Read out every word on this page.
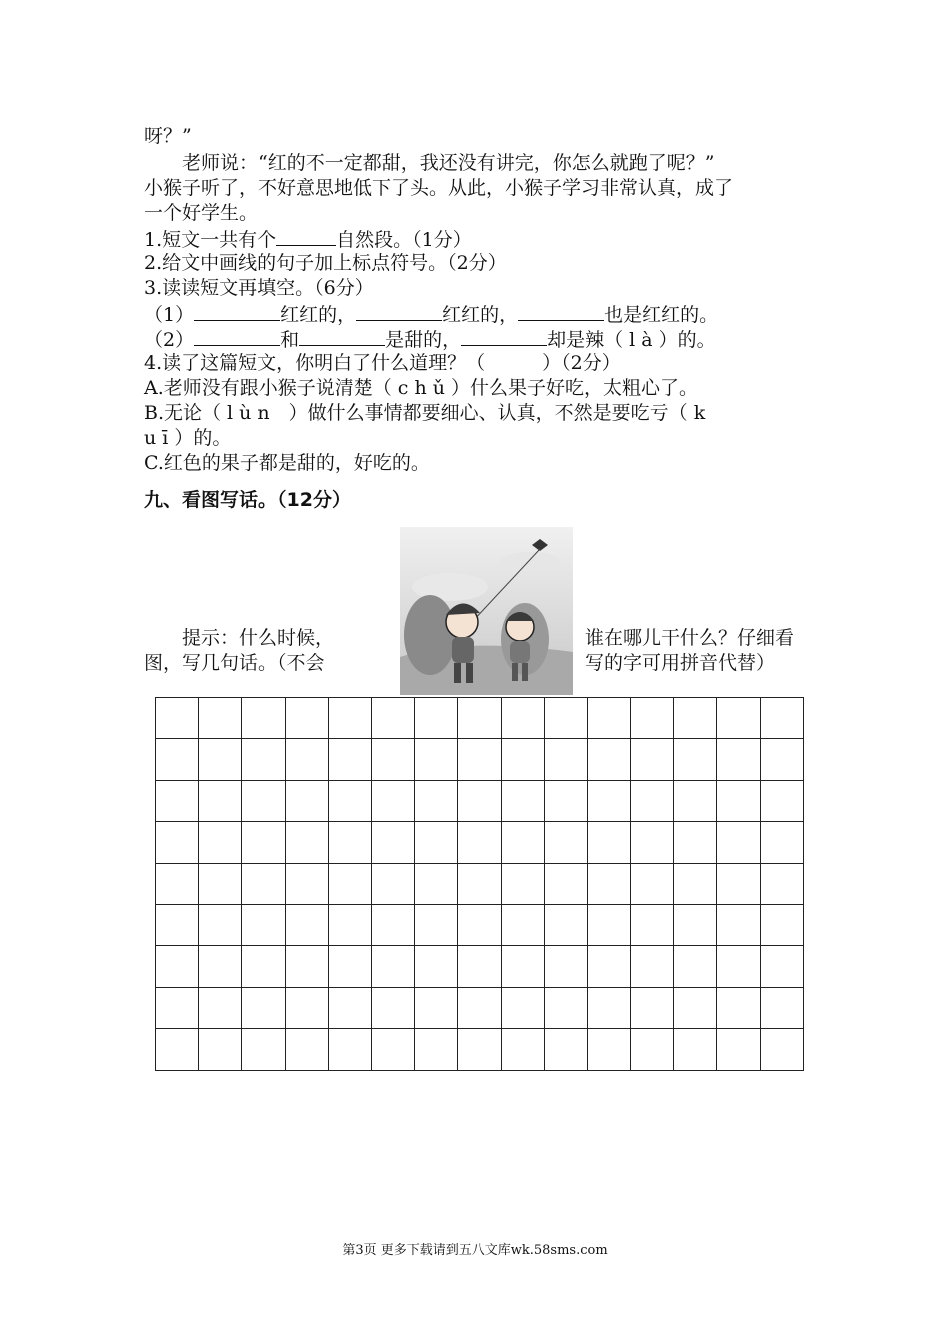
呀？”
老师说：“红的不一定都甜，我还没有讲完，你怎么就跑了呢？”
小猴子听了，不好意思地低下了头。从此，小猴子学习非常认真，成了
一个好学生。
1.短文一共有个	自然段。（1分）
2.给文中画线的句子加上标点符号。（2分）
3.读读短文再填空。（6分）
（1）	红红的，	红红的，	也是红红的。
（2）	和	是甜的，	却是辣（ l à ）的。
4.读了这篇短文，你明白了什么道理？（　　　）（2分）
A.老师没有跟小猴子说清楚（ c h ǔ ）什么果子好吃，太粗心了。
B.无论（ l ù n　）做什么事情都要细心、认真，不然是要吃亏（ k
u ī ）的。
C.红色的果子都是甜的，好吃的。
九、看图写话。（12分）
提示：什么时候，
图，写几句话。（不会
谁在哪儿干什么？仔细看
写的字可用拼音代替）

第3页 更多下载请到五八文库wk.58sms.com
